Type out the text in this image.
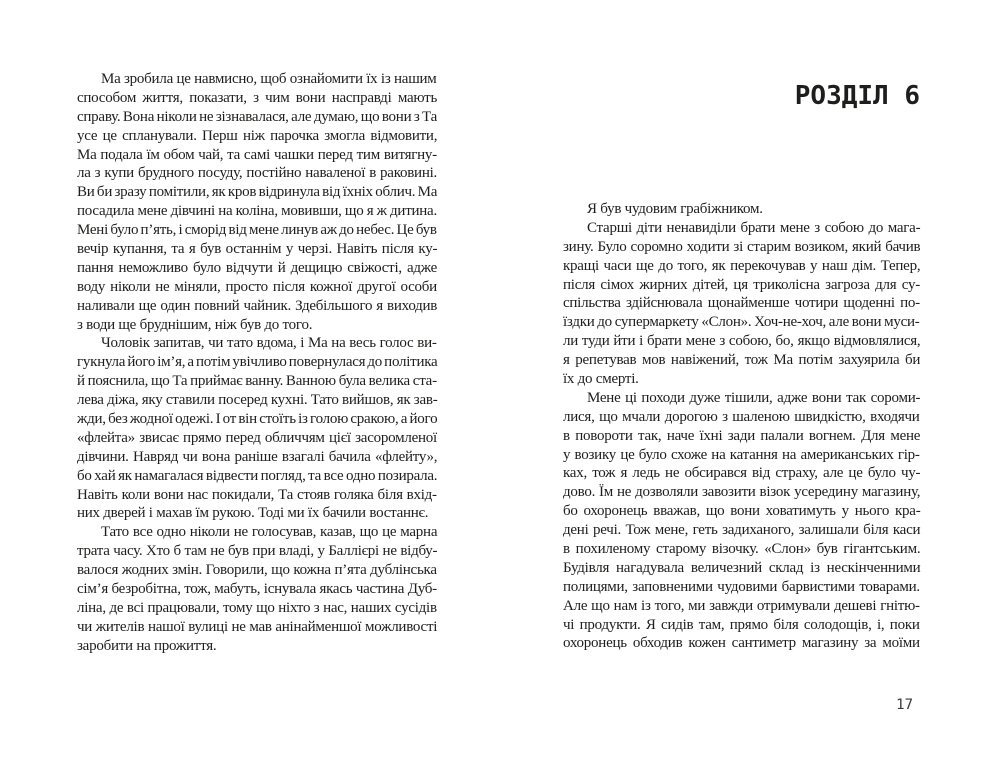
Ма зробила це навмисно, щоб ознайомити їх із нашим
способом життя, показати, з чим вони насправді мають
справу. Вона ніколи не зізнавалася, але думаю, що вони з Та
усе це спланували. Перш ніж парочка змогла відмовити,
Ма подала їм обом чай, та самі чашки перед тим витягну-
ла з купи брудного посуду, постійно наваленої в раковині.
Ви би зразу помітили, як кров відринула від їхніх облич. Ма
посадила мене дівчині на коліна, мовивши, що я ж дитина.
Мені було п’ять, і сморід від мене линув аж до небес. Це був
вечір купання, та я був останнім у черзі. Навіть після ку-
пання неможливо було відчути й дещицю свіжості, адже
воду ніколи не міняли, просто після кожної другої особи
наливали ще один повний чайник. Здебільшого я виходив
з води ще бруднішим, ніж був до того.
Чоловік запитав, чи тато вдома, і Ма на весь голос ви-
гукнула його ім’я, а потім увічливо повернулася до політика
й пояснила, що Та приймає ванну. Ванною була велика ста-
лева діжа, яку ставили посеред кухні. Тато вийшов, як зав-
жди, без жодної одежі. І от він стоїть із голою сракою, а його
«флейта» звисає прямо перед обличчям цієї засоромленої
дівчини. Навряд чи вона раніше взагалі бачила «флейту»,
бо хай як намагалася відвести погляд, та все одно позирала.
Навіть коли вони нас покидали, Та стояв голяка біля вхід-
них дверей і махав їм рукою. Тоді ми їх бачили востаннє.
Тато все одно ніколи не голосував, казав, що це марна
трата часу. Хто б там не був при владі, у Баллієрі не відбу-
валося жодних змін. Говорили, що кожна п’ята дублінська
сім’я безробітна, тож, мабуть, існувала якась частина Дуб-
ліна, де всі працювали, тому що ніхто з нас, наших сусідів
чи жителів нашої вулиці не мав анінайменшої можливості
заробити на прожиття.
РОЗДІЛ 6
Я був чудовим грабіжником.
Старші діти ненавиділи брати мене з собою до мага-
зину. Було соромно ходити зі старим возиком, який бачив
кращі часи ще до того, як перекочував у наш дім. Тепер,
після сімох жирних дітей, ця триколісна загроза для су-
спільства здійснювала щонайменше чотири щоденні по-
їздки до супермаркету «Слон». Хоч-не-хоч, але вони муси-
ли туди йти і брати мене з собою, бо, якщо відмовлялися,
я репетував мов навіжений, тож Ма потім захуярила би
їх до смерті.
Мене ці походи дуже тішили, адже вони так сороми-
лися, що мчали дорогою з шаленою швидкістю, входячи
в повороти так, наче їхні зади палали вогнем. Для мене
у возику це було схоже на катання на американських гір-
ках, тож я ледь не обсирався від страху, але це було чу-
дово. Їм не дозволяли завозити візок усередину магазину,
бо охоронець вважав, що вони ховатимуть у нього кра-
дені речі. Тож мене, геть задиханого, залишали біля каси
в похиленому старому візочку. «Слон» був гігантським.
Будівля нагадувала величезний склад із нескінченними
полицями, заповненими чудовими барвистими товарами.
Але що нам із того, ми завжди отримували дешеві гнітю-
чі продукти. Я сидів там, прямо біля солодощів, і, поки
охоронець обходив кожен сантиметр магазину за моїми
17
